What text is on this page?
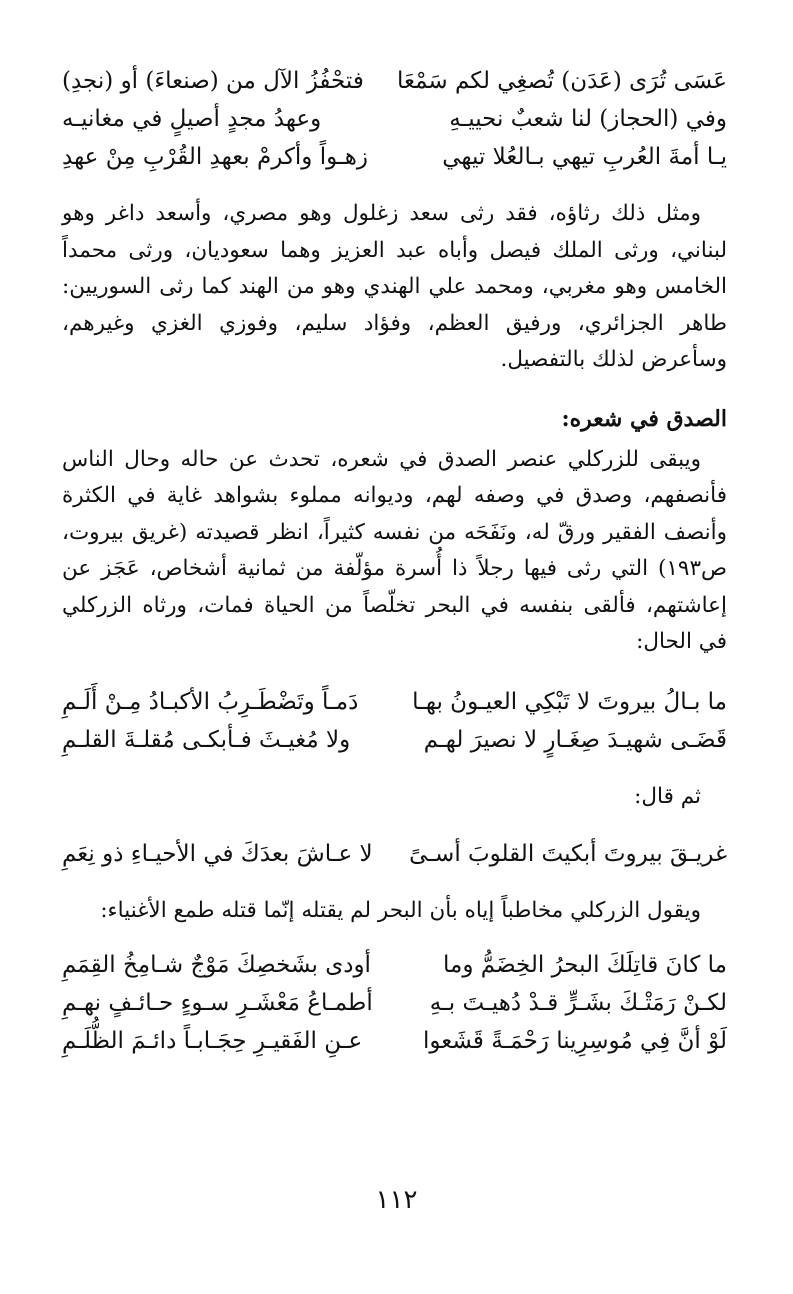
عَسَى تُرَى (عَدَن) تُصغِي لكم سَمْعَا
فتحْفُزُ الآل من (صنعاءَ) أو (نجدِ)
وفي (الحجاز) لنا شعبٌ نحييـهِ
وعهدُ مجدٍ أصيلٍ في مغانيـه
يـا أمةَ العُربِ تيهي بـالعُلا تيهي
زهـواً وأكرمْ بعهدِ القُرْبِ مِنْ عهدِ

ومثل ذلك رثاؤه، فقد رثى سعد زغلول وهو مصري، وأسعد داغر وهو لبناني، ورثى الملك فيصل وأباه عبد العزيز وهما سعوديان، ورثى محمداً الخامس وهو مغربي، ومحمد علي الهندي وهو من الهند كما رثى السوريين: طاهر الجزائري، ورفيق العظم، وفؤاد سليم، وفوزي الغزي وغيرهم، وسأعرض لذلك بالتفصيل.

الصدق في شعره:

ويبقى للزركلي عنصر الصدق في شعره، تحدث عن حاله وحال الناس فأنصفهم، وصدق في وصفه لهم، وديوانه مملوء بشواهد غاية في الكثرة وأنصف الفقير ورقّ له، ونَفَحَه من نفسه كثيراً، انظر قصيدته (غريق بيروت، ص١٩٣) التي رثى فيها رجلاً ذا أُسرة مؤلّفة من ثمانية أشخاص، عَجَز عن إعاشتهم، فألقى بنفسه في البحر تخلّصاً من الحياة فمات، ورثاه الزركلي في الحال:

ما بـالُ بيروتَ لا تَبْكِي العيـونُ بهـا
دَمـاً وتَضْطَـرِبُ الأكبـادُ مِـنْ أَلَـمِ
قَضَـى شهيـدَ صِغَـارٍ لا نصيرَ لهـم
ولا مُغيـثَ فـأبكـى مُقلـةَ القلـمِ

ثم قال:

غريـقَ بيروتَ أبكيتَ القلوبَ أسـىً
لا عـاشَ بعدَكَ في الأحيـاءِ ذو نِعَمِ

ويقول الزركلي مخاطباً إياه بأن البحر لم يقتله إنّما قتله طمع الأغنياء:

ما كانَ قاتِلَكَ البحرُ الخِضَمُّ وما
أودى بشَخصِكَ مَوْجٌ شـامِخُ القِمَمِ
لكـنْ رَمَتْـكَ بشَـرٍّ قـدْ دُهيـتَ بـهِ
أطمـاعُ مَعْشَـرِ سـوءٍ حـائـفٍ نهـمِ
لَوْ أنَّ فِي مُوسِرِينا رَحْمَـةً قَشَعوا
عـنِ الفَقيـرِ حِجَـابـاً دائـمَ الظُّلَـمِ
١١٢
